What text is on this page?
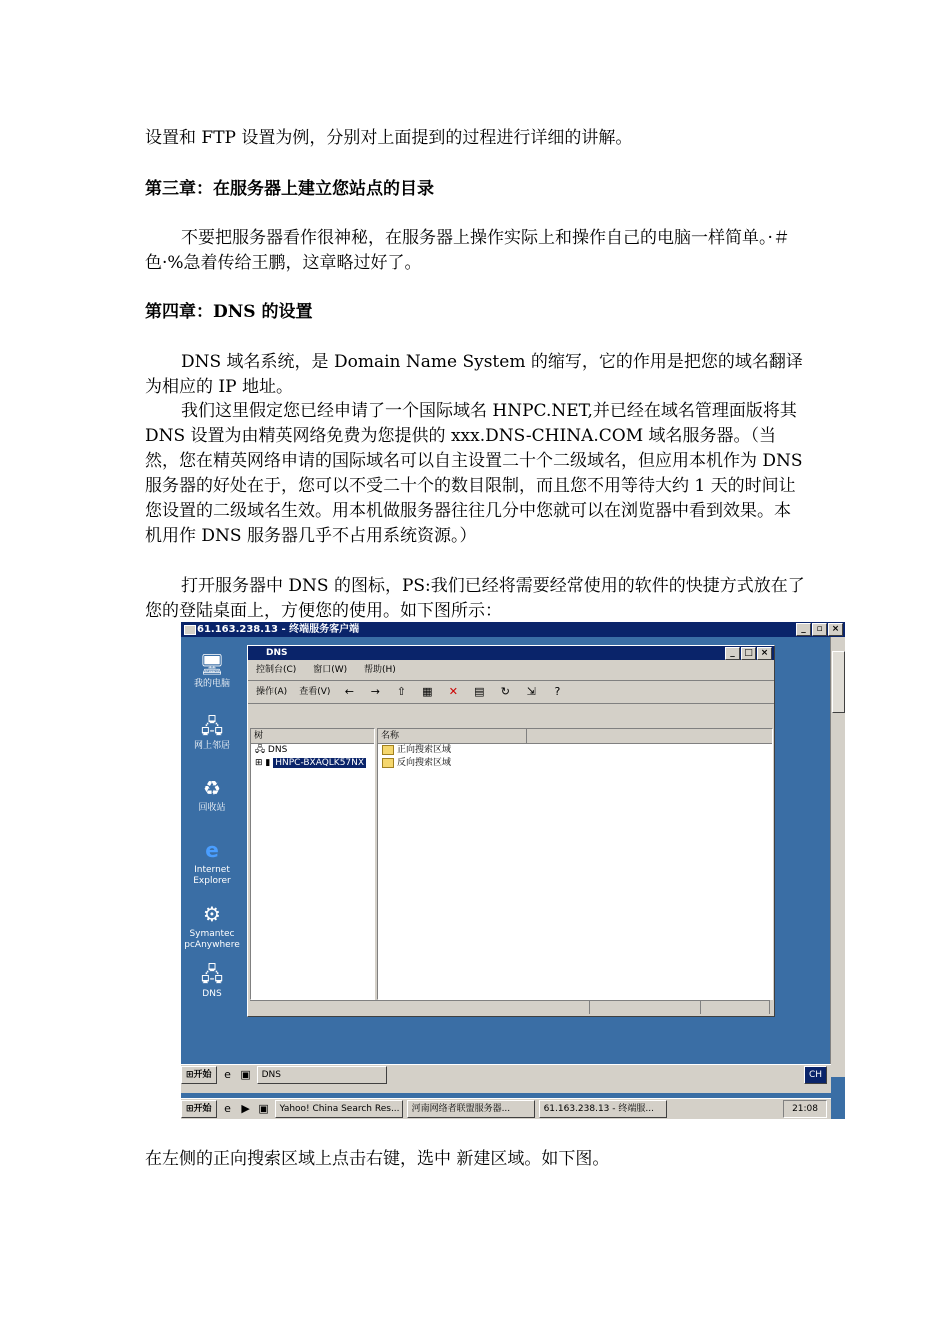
设置和 FTP 设置为例，分别对上面提到的过程进行详细的讲解。

第三章：在服务器上建立您站点的目录

不要把服务器看作很神秘，在服务器上操作实际上和操作自己的电脑一样简单。·＃色·%急着传给王鹏，这章略过好了。

第四章：DNS 的设置

DNS 域名系统，是 Domain Name System 的缩写，它的作用是把您的域名翻译为相应的 IP 地址。

我们这里假定您已经申请了一个国际域名 HNPC.NET,并已经在域名管理面版将其 DNS 设置为由精英网络免费为您提供的 xxx.DNS-CHINA.COM 域名服务器。（当然，您在精英网络申请的国际域名可以自主设置二十个二级域名，但应用本机作为 DNS 服务器的好处在于，您可以不受二十个的数目限制，而且您不用等待大约 1 天的时间让您设置的二级域名生效。用本机做服务器往往几分中您就可以在浏览器中看到效果。本机用作 DNS 服务器几乎不占用系统资源。）

打开服务器中 DNS 的图标，PS:我们已经将需要经常使用的软件的快捷方式放在了您的登陆桌面上，方便您的使用。如下图所示：

61.163.238.13 - 终端服务客户端	_	▫	×
🖥
我的电脑
🖧
网上邻居
♻
回收站
e
Internet Explorer
⚙
Symantec pcAnywhere
🖧
DNS
DNS	_	□ ×
控制台(C) 窗口(W) 帮助(H)
操作(A) 查看(V) ← → ⇧ ▦ ✕ ▤ ↻ ⇲	?
树
🖧 DNS
⊞ ▮ HNPC-BXAQLK57NX
名称
正向搜索区域
反向搜索区域
⊞开始	e ▣	DNS	CH
⊞开始	e ▶ ▣	Yahoo! China Search Res...	河南网络者联盟服务器...	61.163.238.13 - 终端服...	21:08

在左侧的正向搜索区域上点击右键，选中 新建区域。如下图。
